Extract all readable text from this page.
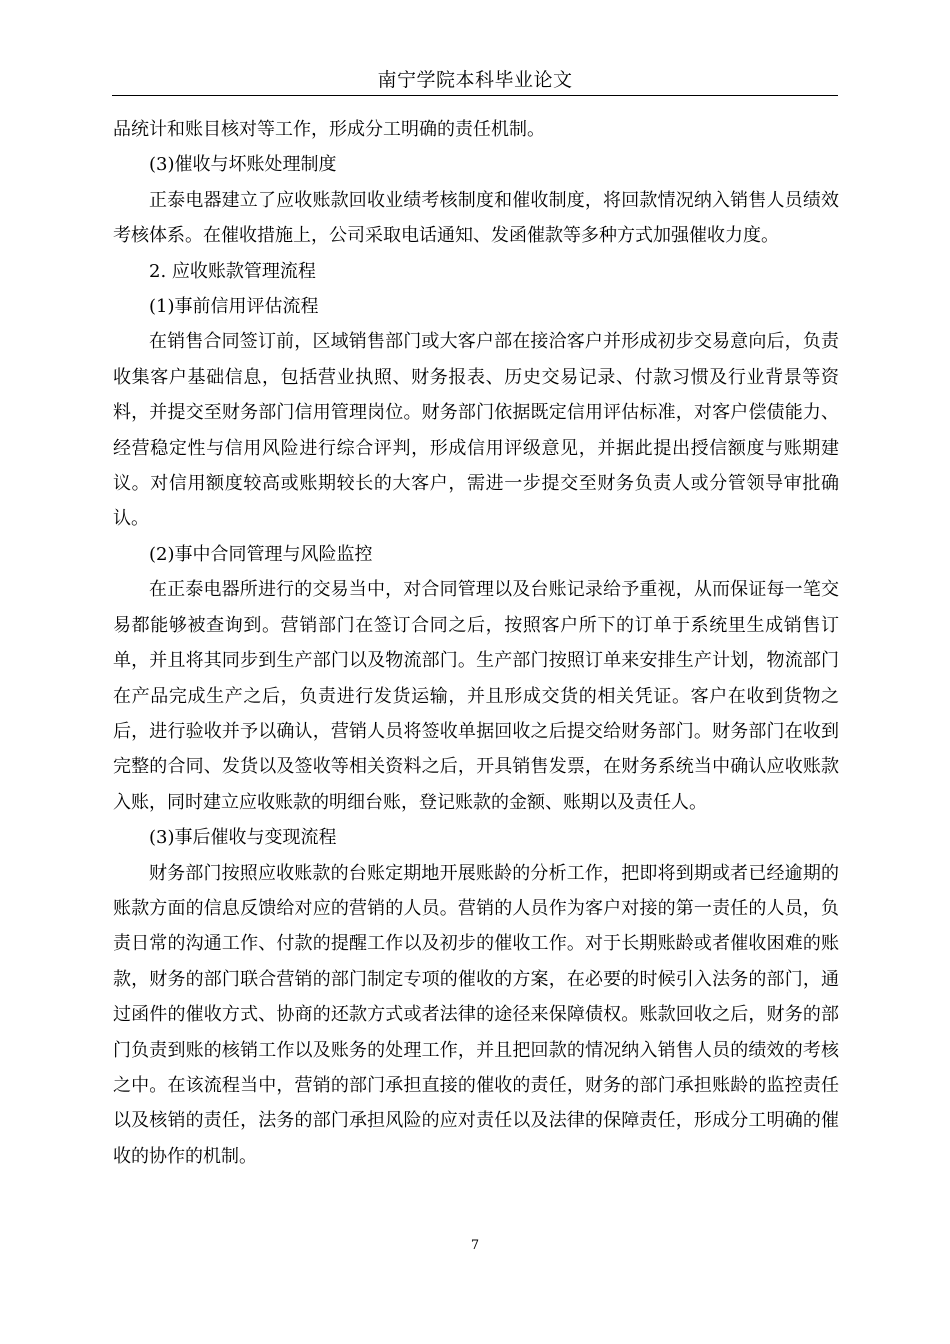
南宁学院本科毕业论文

品统计和账目核对等工作，形成分工明确的责任机制。

(3)催收与坏账处理制度

正泰电器建立了应收账款回收业绩考核制度和催收制度，将回款情况纳入销售人员绩效考核体系。在催收措施上，公司采取电话通知、发函催款等多种方式加强催收力度。

2. 应收账款管理流程

(1)事前信用评估流程

在销售合同签订前，区域销售部门或大客户部在接洽客户并形成初步交易意向后，负责收集客户基础信息，包括营业执照、财务报表、历史交易记录、付款习惯及行业背景等资料，并提交至财务部门信用管理岗位。财务部门依据既定信用评估标准，对客户偿债能力、经营稳定性与信用风险进行综合评判，形成信用评级意见，并据此提出授信额度与账期建议。对信用额度较高或账期较长的大客户，需进一步提交至财务负责人或分管领导审批确认。

(2)事中合同管理与风险监控

在正泰电器所进行的交易当中，对合同管理以及台账记录给予重视，从而保证每一笔交易都能够被查询到。营销部门在签订合同之后，按照客户所下的订单于系统里生成销售订单，并且将其同步到生产部门以及物流部门。生产部门按照订单来安排生产计划，物流部门在产品完成生产之后，负责进行发货运输，并且形成交货的相关凭证。客户在收到货物之后，进行验收并予以确认，营销人员将签收单据回收之后提交给财务部门。财务部门在收到完整的合同、发货以及签收等相关资料之后，开具销售发票，在财务系统当中确认应收账款入账，同时建立应收账款的明细台账，登记账款的金额、账期以及责任人。

(3)事后催收与变现流程

财务部门按照应收账款的台账定期地开展账龄的分析工作，把即将到期或者已经逾期的账款方面的信息反馈给对应的营销的人员。营销的人员作为客户对接的第一责任的人员，负责日常的沟通工作、付款的提醒工作以及初步的催收工作。对于长期账龄或者催收困难的账款，财务的部门联合营销的部门制定专项的催收的方案，在必要的时候引入法务的部门，通过函件的催收方式、协商的还款方式或者法律的途径来保障债权。账款回收之后，财务的部门负责到账的核销工作以及账务的处理工作，并且把回款的情况纳入销售人员的绩效的考核之中。在该流程当中，营销的部门承担直接的催收的责任，财务的部门承担账龄的监控责任以及核销的责任，法务的部门承担风险的应对责任以及法律的保障责任，形成分工明确的催收的协作的机制。

7
